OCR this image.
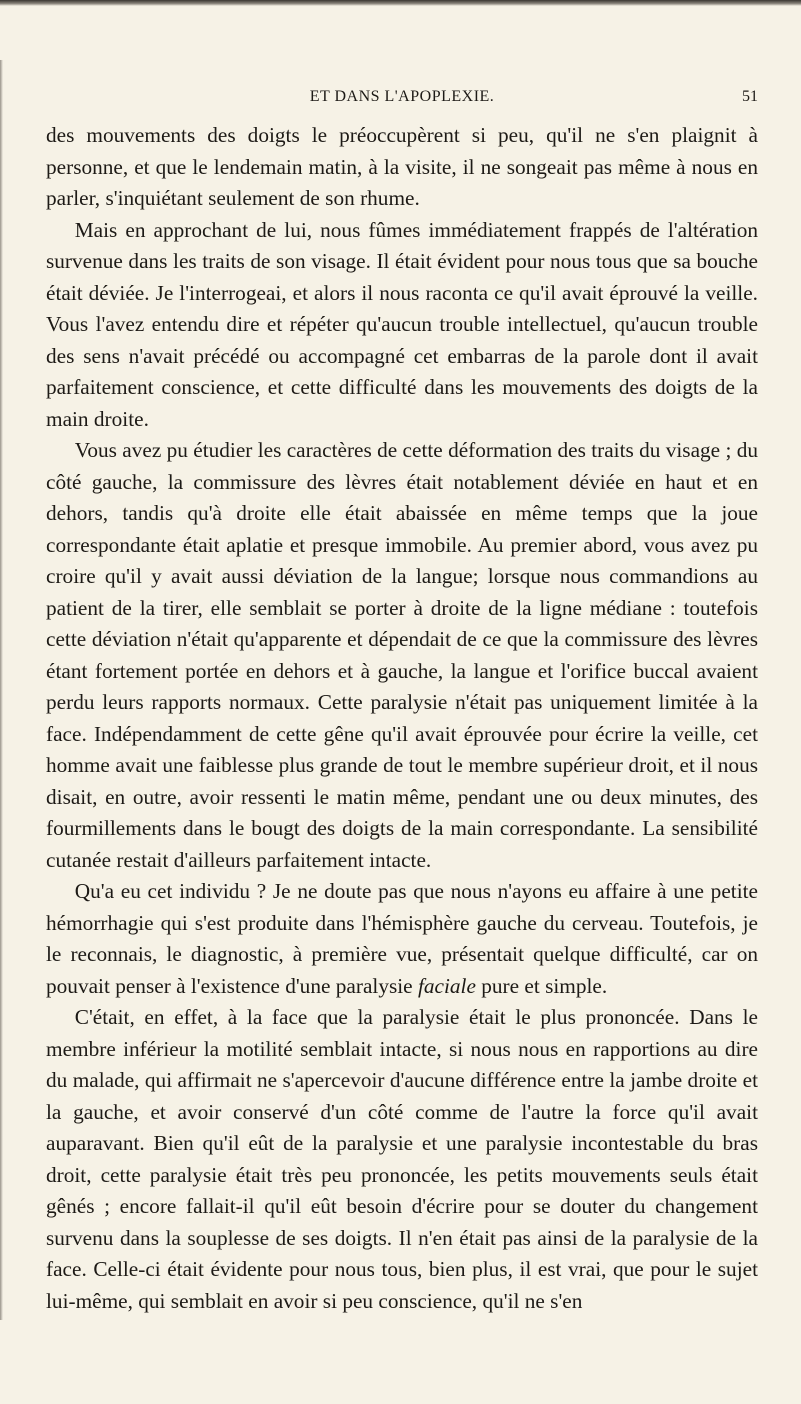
ET DANS L'APOPLEXIE.	51

des mouvements des doigts le préoccupèrent si peu, qu'il ne s'en plaignit à personne, et que le lendemain matin, à la visite, il ne songeait pas même à nous en parler, s'inquiétant seulement de son rhume.

Mais en approchant de lui, nous fûmes immédiatement frappés de l'altération survenue dans les traits de son visage. Il était évident pour nous tous que sa bouche était déviée. Je l'interrogeai, et alors il nous raconta ce qu'il avait éprouvé la veille. Vous l'avez entendu dire et répéter qu'aucun trouble intellectuel, qu'aucun trouble des sens n'avait précédé ou accompagné cet embarras de la parole dont il avait parfaitement conscience, et cette difficulté dans les mouvements des doigts de la main droite.

Vous avez pu étudier les caractères de cette déformation des traits du visage ; du côté gauche, la commissure des lèvres était notablement déviée en haut et en dehors, tandis qu'à droite elle était abaissée en même temps que la joue correspondante était aplatie et presque immobile. Au premier abord, vous avez pu croire qu'il y avait aussi déviation de la langue; lorsque nous commandions au patient de la tirer, elle semblait se porter à droite de la ligne médiane : toutefois cette déviation n'était qu'apparente et dépendait de ce que la commissure des lèvres étant fortement portée en dehors et à gauche, la langue et l'orifice buccal avaient perdu leurs rapports normaux. Cette paralysie n'était pas uniquement limitée à la face. Indépendamment de cette gêne qu'il avait éprouvée pour écrire la veille, cet homme avait une faiblesse plus grande de tout le membre supérieur droit, et il nous disait, en outre, avoir ressenti le matin même, pendant une ou deux minutes, des fourmillements dans le bougt des doigts de la main correspondante. La sensibilité cutanée restait d'ailleurs parfaitement intacte.

Qu'a eu cet individu ? Je ne doute pas que nous n'ayons eu affaire à une petite hémorrhagie qui s'est produite dans l'hémisphère gauche du cerveau. Toutefois, je le reconnais, le diagnostic, à première vue, présentait quelque difficulté, car on pouvait penser à l'existence d'une paralysie faciale pure et simple.

C'était, en effet, à la face que la paralysie était le plus prononcée. Dans le membre inférieur la motilité semblait intacte, si nous nous en rapportions au dire du malade, qui affirmait ne s'apercevoir d'aucune différence entre la jambe droite et la gauche, et avoir conservé d'un côté comme de l'autre la force qu'il avait auparavant. Bien qu'il eût de la paralysie et une paralysie incontestable du bras droit, cette paralysie était très peu prononcée, les petits mouvements seuls était gênés ; encore fallait-il qu'il eût besoin d'écrire pour se douter du changement survenu dans la souplesse de ses doigts. Il n'en était pas ainsi de la paralysie de la face. Celle-ci était évidente pour nous tous, bien plus, il est vrai, que pour le sujet lui-même, qui semblait en avoir si peu conscience, qu'il ne s'en
